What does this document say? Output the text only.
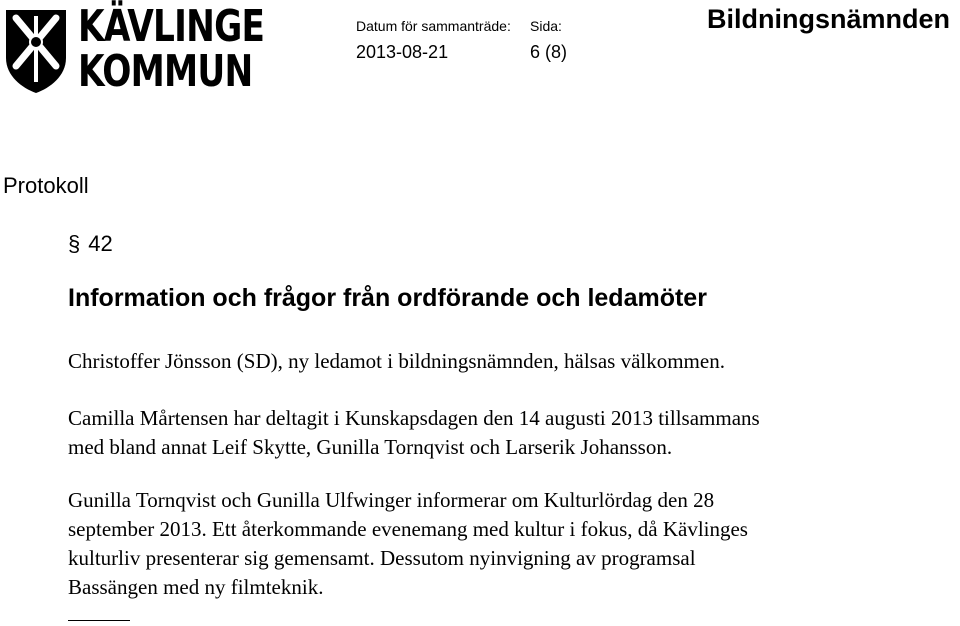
KÄVLINGE
KOMMUN
Datum för sammanträde: Sida:
2013-08-21	6 (8)
Bildningsnämnden
Protokoll
§ 42
Information och frågor från ordförande och ledamöter

Christoffer Jönsson (SD), ny ledamot i bildningsnämnden, hälsas välkommen.

Camilla Mårtensen har deltagit i Kunskapsdagen den 14 augusti 2013 tillsammans
med bland annat Leif Skytte, Gunilla Tornqvist och Larserik Johansson.

Gunilla Tornqvist och Gunilla Ulfwinger informerar om Kulturlördag den 28
september 2013. Ett återkommande evenemang med kultur i fokus, då Kävlinges
kulturliv presenterar sig gemensamt. Dessutom nyinvigning av programsal
Bassängen med ny filmteknik.
